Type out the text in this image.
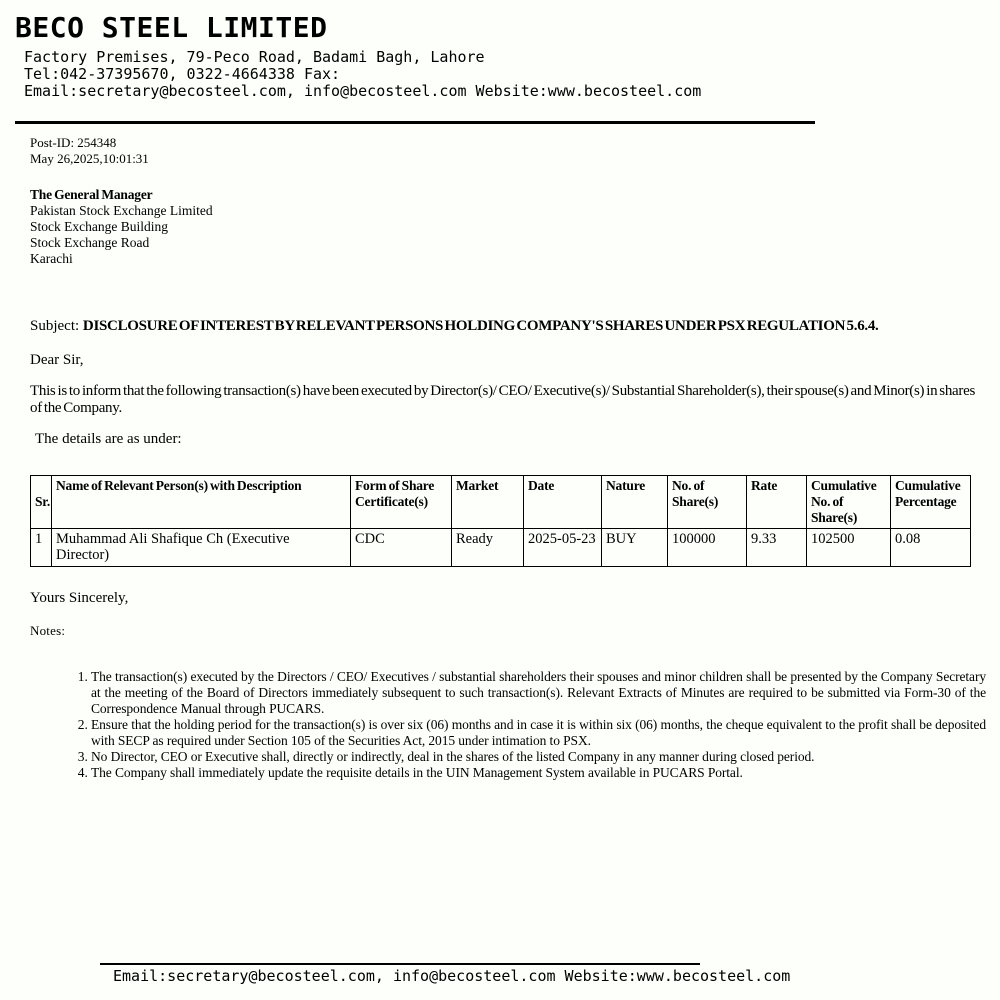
BECO STEEL LIMITED
Factory Premises, 79-Peco Road, Badami Bagh, Lahore
Tel:042-37395670, 0322-4664338 Fax:
Email:secretary@becosteel.com, info@becosteel.com Website:www.becosteel.com
Post-ID: 254348
May 26,2025,10:01:31
The General Manager
Pakistan Stock Exchange Limited
Stock Exchange Building
Stock Exchange Road
Karachi
Subject: DISCLOSURE OF INTEREST BY RELEVANT PERSONS HOLDING COMPANY'S SHARES UNDER PSX REGULATION 5.6.4.
Dear Sir,
This is to inform that the following transaction(s) have been executed by Director(s)/ CEO/ Executive(s)/ Substantial Shareholder(s), their spouse(s) and Minor(s) in shares of the Company.
The details are as under:
Sr.	Name of Relevant Person(s) with Description	Form of Share Certificate(s)	Market	Date	Nature	No. of Share(s)	Rate	Cumulative No. of Share(s)	Cumulative Percentage
1	Muhammad Ali Shafique Ch (Executive Director)	CDC	Ready	2025-05-23	BUY	100000	9.33	102500	0.08
Yours Sincerely,
Notes:
1. The transaction(s) executed by the Directors / CEO/ Executives / substantial shareholders their spouses and minor children shall be presented by the Company Secretary at the meeting of the Board of Directors immediately subsequent to such transaction(s). Relevant Extracts of Minutes are required to be submitted via Form-30 of the Correspondence Manual through PUCARS.
2. Ensure that the holding period for the transaction(s) is over six (06) months and in case it is within six (06) months, the cheque equivalent to the profit shall be deposited with SECP as required under Section 105 of the Securities Act, 2015 under intimation to PSX.
3. No Director, CEO or Executive shall, directly or indirectly, deal in the shares of the listed Company in any manner during closed period.
4. The Company shall immediately update the requisite details in the UIN Management System available in PUCARS Portal.
Email:secretary@becosteel.com, info@becosteel.com Website:www.becosteel.com
